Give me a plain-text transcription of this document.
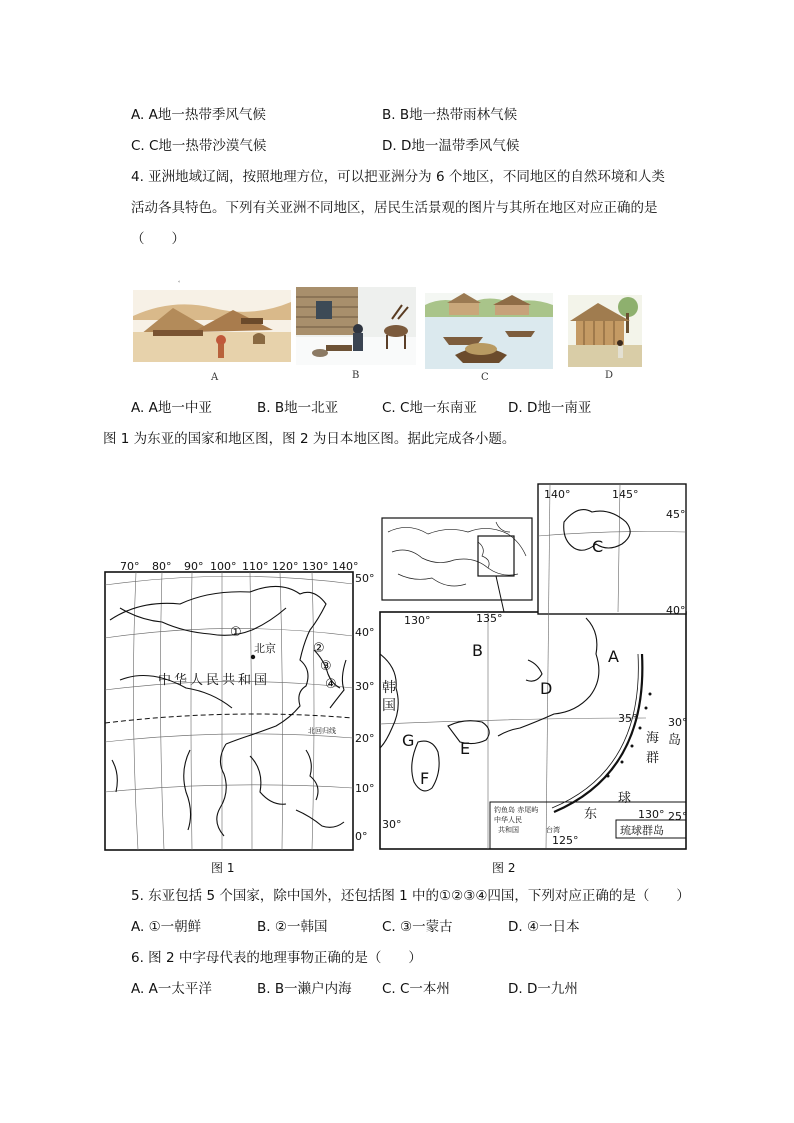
A. A地一热带季风气候	B. B地一热带雨林气候
C. C地一热带沙漠气候	D. D地一温带季风气候
4. 亚洲地域辽阔，按照地理方位，可以把亚洲分为 6 个地区，不同地区的自然环境和人类
活动各具特色。下列有关亚洲不同地区，居民生活景观的图片与其所在地区对应正确的是
（　　）
A	B	C	D
A. A地一中亚	B. B地一北亚	C. C地一东南亚 D. D地一南亚
图 1 为东亚的国家和地区图，图 2 为日本地区图。据此完成各小题。
70° 80° 90° 100° 110° 120° 130° 140°
50°
40°
30°
20°
10°
0°
①
②
③
④
北京
中华人民共和国
北回归线
图 1
140°	145°
130°	135°
130°
125°
45°
40°
35°
30°
25°
30°
A
B
C
D
E
F
G
韩
国
韩国
海 岛
群
球
东
中华人民
共和国
钓鱼岛 赤尾屿
台湾	琉球群岛
图 2
5. 东亚包括 5 个国家，除中国外，还包括图 1 中的①②③④四国，下列对应正确的是（　　）
A. ①一朝鲜	B. ②一韩国	C. ③一蒙古	D. ④一日本
6. 图 2 中字母代表的地理事物正确的是（　　）
A. A一太平洋	B. B一濑户内海 C. C一本州	D. D一九州
